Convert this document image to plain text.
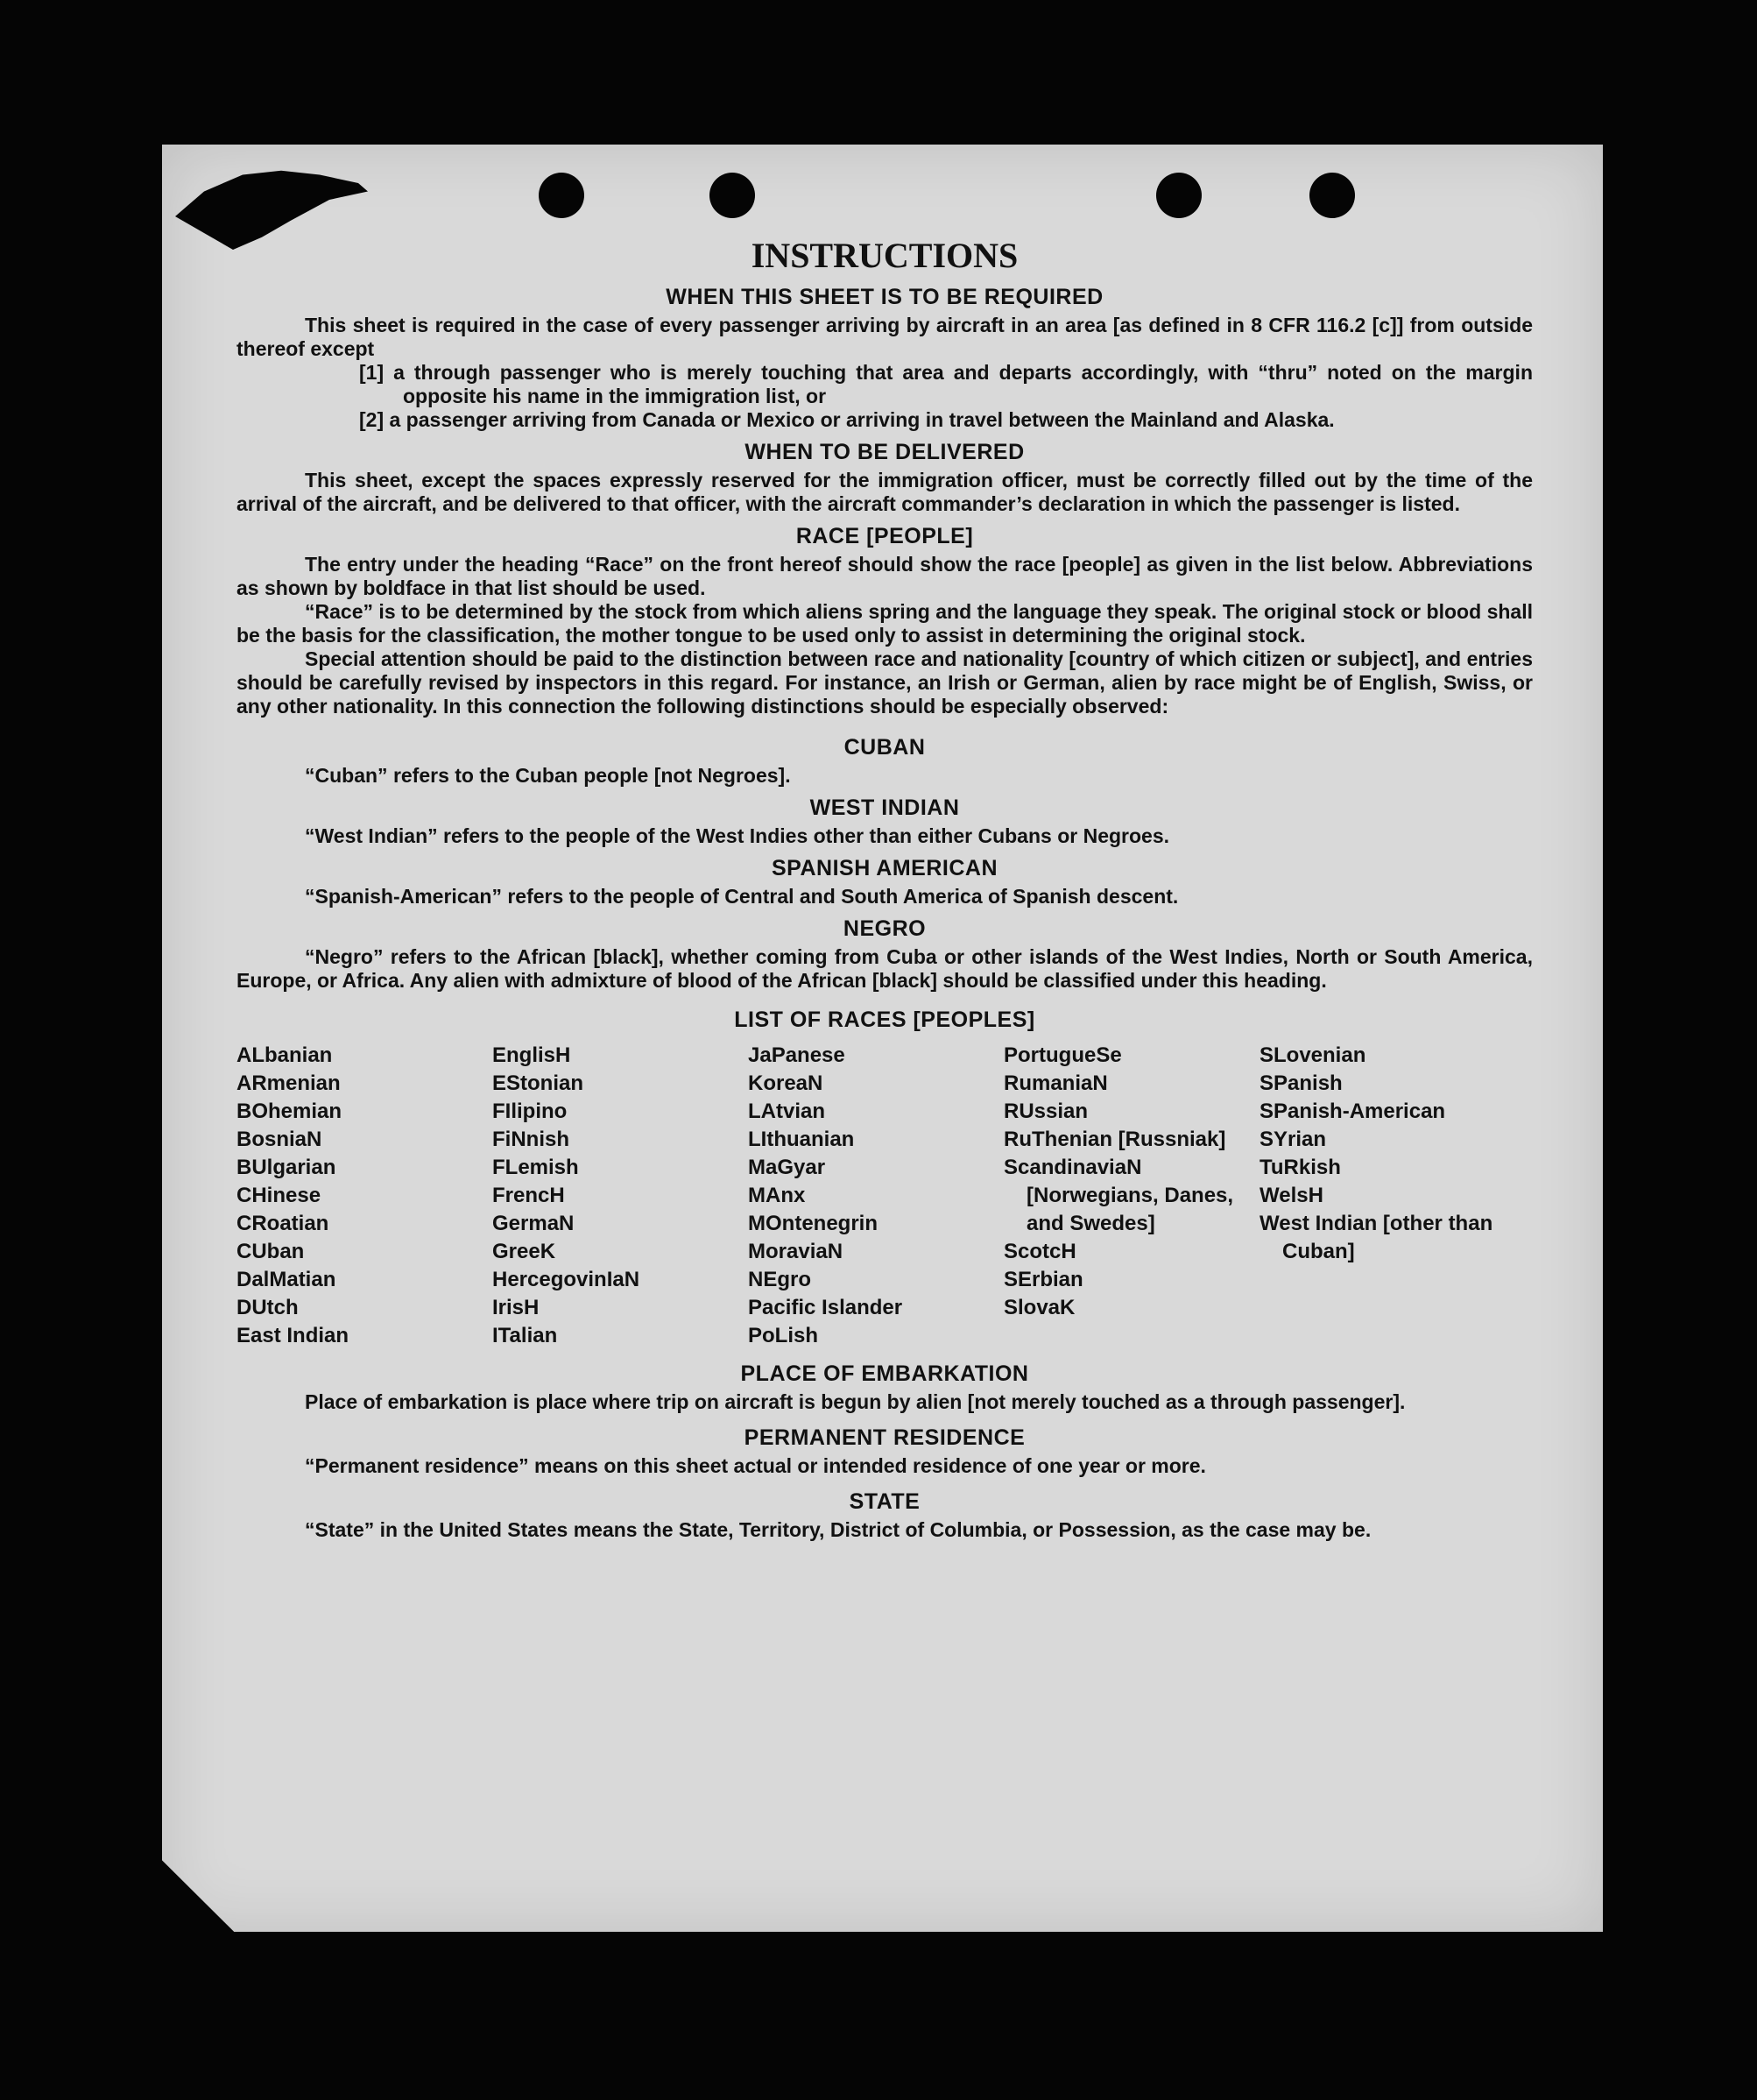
INSTRUCTIONS
WHEN THIS SHEET IS TO BE REQUIRED

This sheet is required in the case of every passenger arriving by aircraft in an area [as defined in 8 CFR 116.2 [c]] from outside thereof except

[1] a through passenger who is merely touching that area and departs accordingly, with “thru” noted on the margin opposite his name in the immigration list, or

[2] a passenger arriving from Canada or Mexico or arriving in travel between the Mainland and Alaska.

WHEN TO BE DELIVERED

This sheet, except the spaces expressly reserved for the immigration officer, must be correctly filled out by the time of the arrival of the aircraft, and be delivered to that officer, with the aircraft commander’s declaration in which the passenger is listed.

RACE [PEOPLE]

The entry under the heading “Race” on the front hereof should show the race [people] as given in the list below. Abbreviations as shown by boldface in that list should be used.

“Race” is to be determined by the stock from which aliens spring and the language they speak. The original stock or blood shall be the basis for the classification, the mother tongue to be used only to assist in determining the original stock.

Special attention should be paid to the distinction between race and nationality [country of which citizen or subject], and entries should be carefully revised by inspectors in this regard. For instance, an Irish or German, alien by race might be of English, Swiss, or any other nationality. In this connection the following distinctions should be especially observed:

CUBAN

“Cuban” refers to the Cuban people [not Negroes].

WEST INDIAN

“West Indian” refers to the people of the West Indies other than either Cubans or Negroes.

SPANISH AMERICAN

“Spanish-American” refers to the people of Central and South America of Spanish descent.

NEGRO

“Negro” refers to the African [black], whether coming from Cuba or other islands of the West Indies, North or South America, Europe, or Africa. Any alien with admixture of blood of the African [black] should be classified under this heading.

LIST OF RACES [PEOPLES]
ALbanian
ARmenian
BOhemian
BosniaN
BUlgarian
CHinese
CRoatian
CUban
DalMatian
DUtch
East Indian
EnglisH
EStonian
FIlipino
FiNnish
FLemish
FrencH
GermaN
GreeK
HercegovinIaN
IrisH
ITalian
JaPanese
KoreaN
LAtvian
LIthuanian
MaGyar
MAnx
MOntenegrin
MoraviaN
NEgro
Pacific Islander
PoLish
PortugueSe
RumaniaN
RUssian
RuThenian [Russniak]
ScandinaviaN [Norwegians, Danes, and Swedes]
ScotcH
SErbian
SlovaK
SLovenian
SPanish
SPanish-American
SYrian
TuRkish
WelsH
West Indian [other than Cuban]
PLACE OF EMBARKATION

Place of embarkation is place where trip on aircraft is begun by alien [not merely touched as a through passenger].

PERMANENT RESIDENCE

“Permanent residence” means on this sheet actual or intended residence of one year or more.

STATE

“State” in the United States means the State, Territory, District of Columbia, or Possession, as the case may be.
